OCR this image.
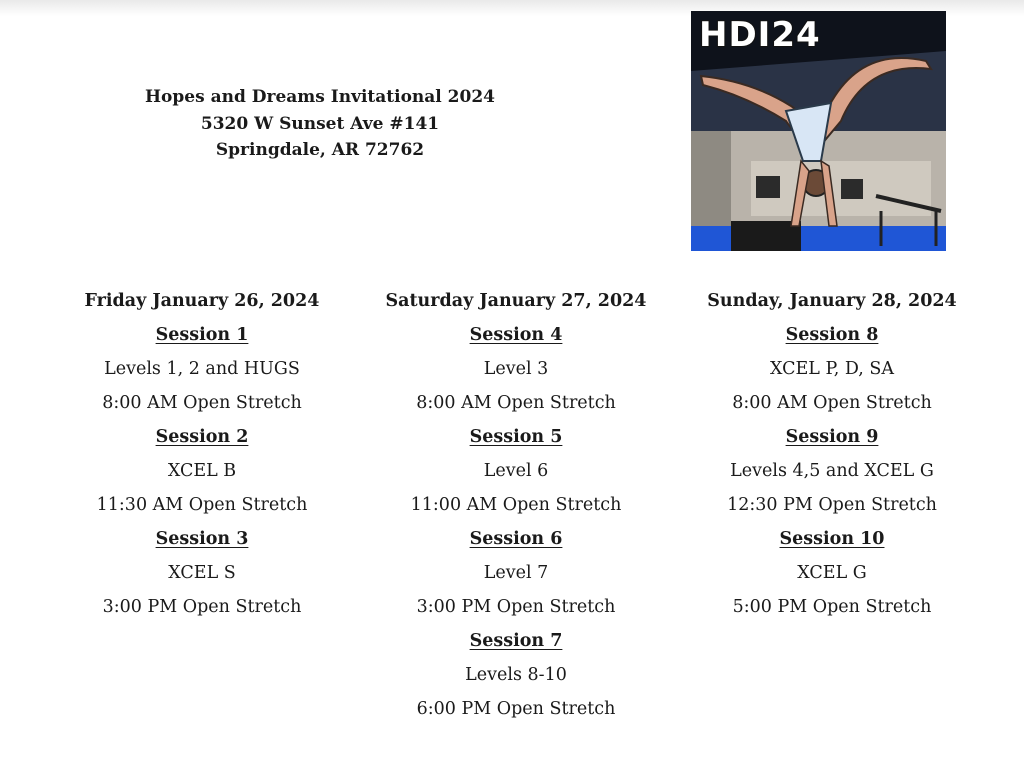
Hopes and Dreams Invitational 2024
5320 W Sunset Ave #141
Springdale, AR 72762
HDI24
Friday January 26, 2024
Session 1
Levels 1, 2 and HUGS
8:00 AM Open Stretch
Session 2
XCEL B
11:30 AM Open Stretch
Session 3
XCEL S
3:00 PM Open Stretch
Saturday January 27, 2024
Session 4
Level 3
8:00 AM Open Stretch
Session 5
Level 6
11:00 AM Open Stretch
Session 6
Level 7
3:00 PM Open Stretch
Session 7
Levels 8-10
6:00 PM Open Stretch
Sunday, January 28, 2024
Session 8
XCEL P, D, SA
8:00 AM Open Stretch
Session 9
Levels 4,5 and XCEL G
12:30 PM Open Stretch
Session 10
XCEL G
5:00 PM Open Stretch
